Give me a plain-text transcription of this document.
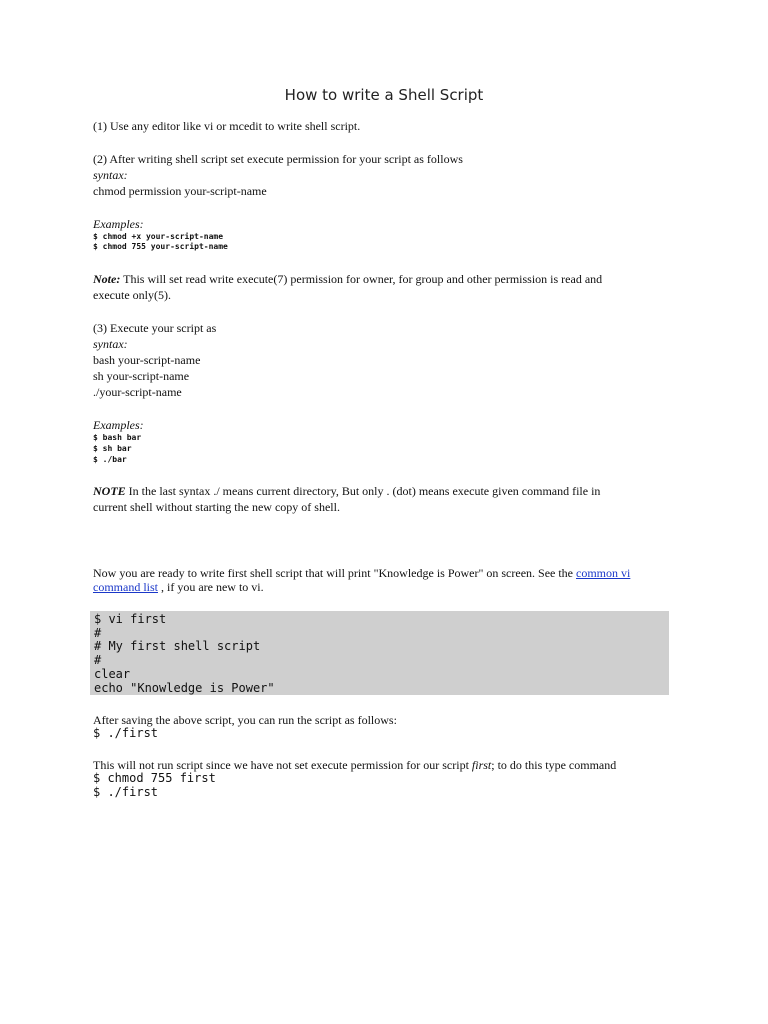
How to write a Shell Script
(1) Use any editor like vi or mcedit to write shell script.
(2) After writing shell script set execute permission for your script as follows
syntax:
chmod permission your-script-name
Examples:
$ chmod +x your-script-name
$ chmod 755 your-script-name
Note: This will set read write execute(7) permission for owner, for group and other permission is read and
execute only(5).
(3) Execute your script as
syntax:
bash your-script-name
sh your-script-name
./your-script-name
Examples:
$ bash bar
$ sh bar
$ ./bar
NOTE In the last syntax ./ means current directory, But only . (dot) means execute given command file in
current shell without starting the new copy of shell.
Now you are ready to write first shell script that will print "Knowledge is Power" on screen. See the common vi
command list , if you are new to vi.
$ vi first
#
# My first shell script
#
clear
echo "Knowledge is Power"
After saving the above script, you can run the script as follows:
$ ./first
This will not run script since we have not set execute permission for our script first; to do this type command
$ chmod 755 first
$ ./first
